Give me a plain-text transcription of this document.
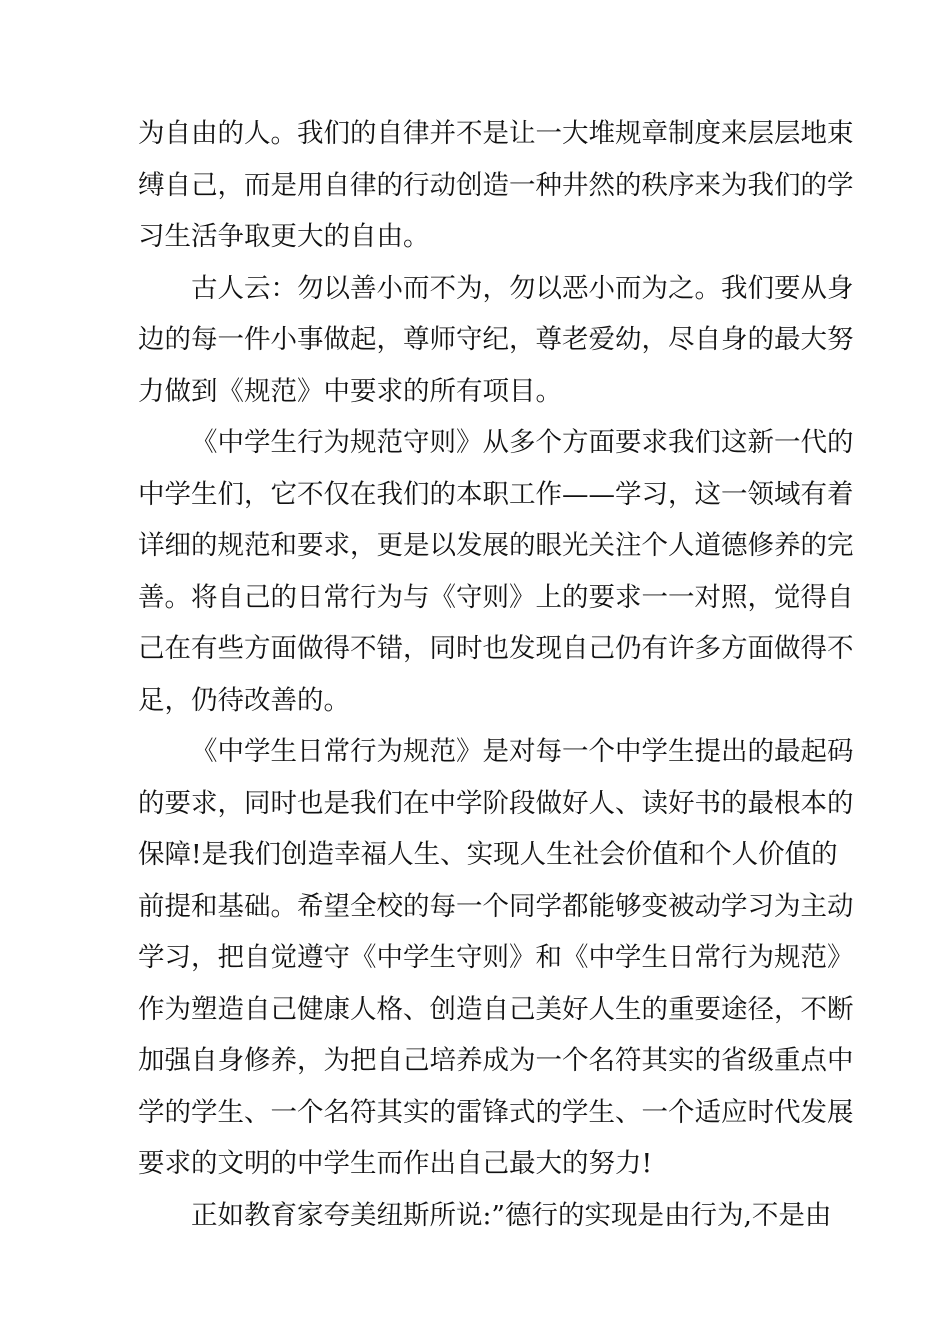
为自由的人。我们的自律并不是让一大堆规章制度来层层地束
缚自己，而是用自律的行动创造一种井然的秩序来为我们的学
习生活争取更大的自由。
古人云：勿以善小而不为，勿以恶小而为之。我们要从身
边的每一件小事做起，尊师守纪，尊老爱幼，尽自身的最大努
力做到《规范》中要求的所有项目。
《中学生行为规范守则》从多个方面要求我们这新一代的
中学生们，它不仅在我们的本职工作——学习，这一领域有着
详细的规范和要求，更是以发展的眼光关注个人道德修养的完
善。将自己的日常行为与《守则》上的要求一一对照，觉得自
己在有些方面做得不错，同时也发现自己仍有许多方面做得不
足，仍待改善的。
《中学生日常行为规范》是对每一个中学生提出的最起码
的要求，同时也是我们在中学阶段做好人、读好书的最根本的
保障!是我们创造幸福人生、实现人生社会价值和个人价值的
前提和基础。希望全校的每一个同学都能够变被动学习为主动
学习，把自觉遵守《中学生守则》和《中学生日常行为规范》
作为塑造自己健康人格、创造自己美好人生的重要途径，不断
加强自身修养，为把自己培养成为一个名符其实的省级重点中
学的学生、一个名符其实的雷锋式的学生、一个适应时代发展
要求的文明的中学生而作出自己最大的努力!
正如教育家夸美纽斯所说:”德行的实现是由行为,不是由
